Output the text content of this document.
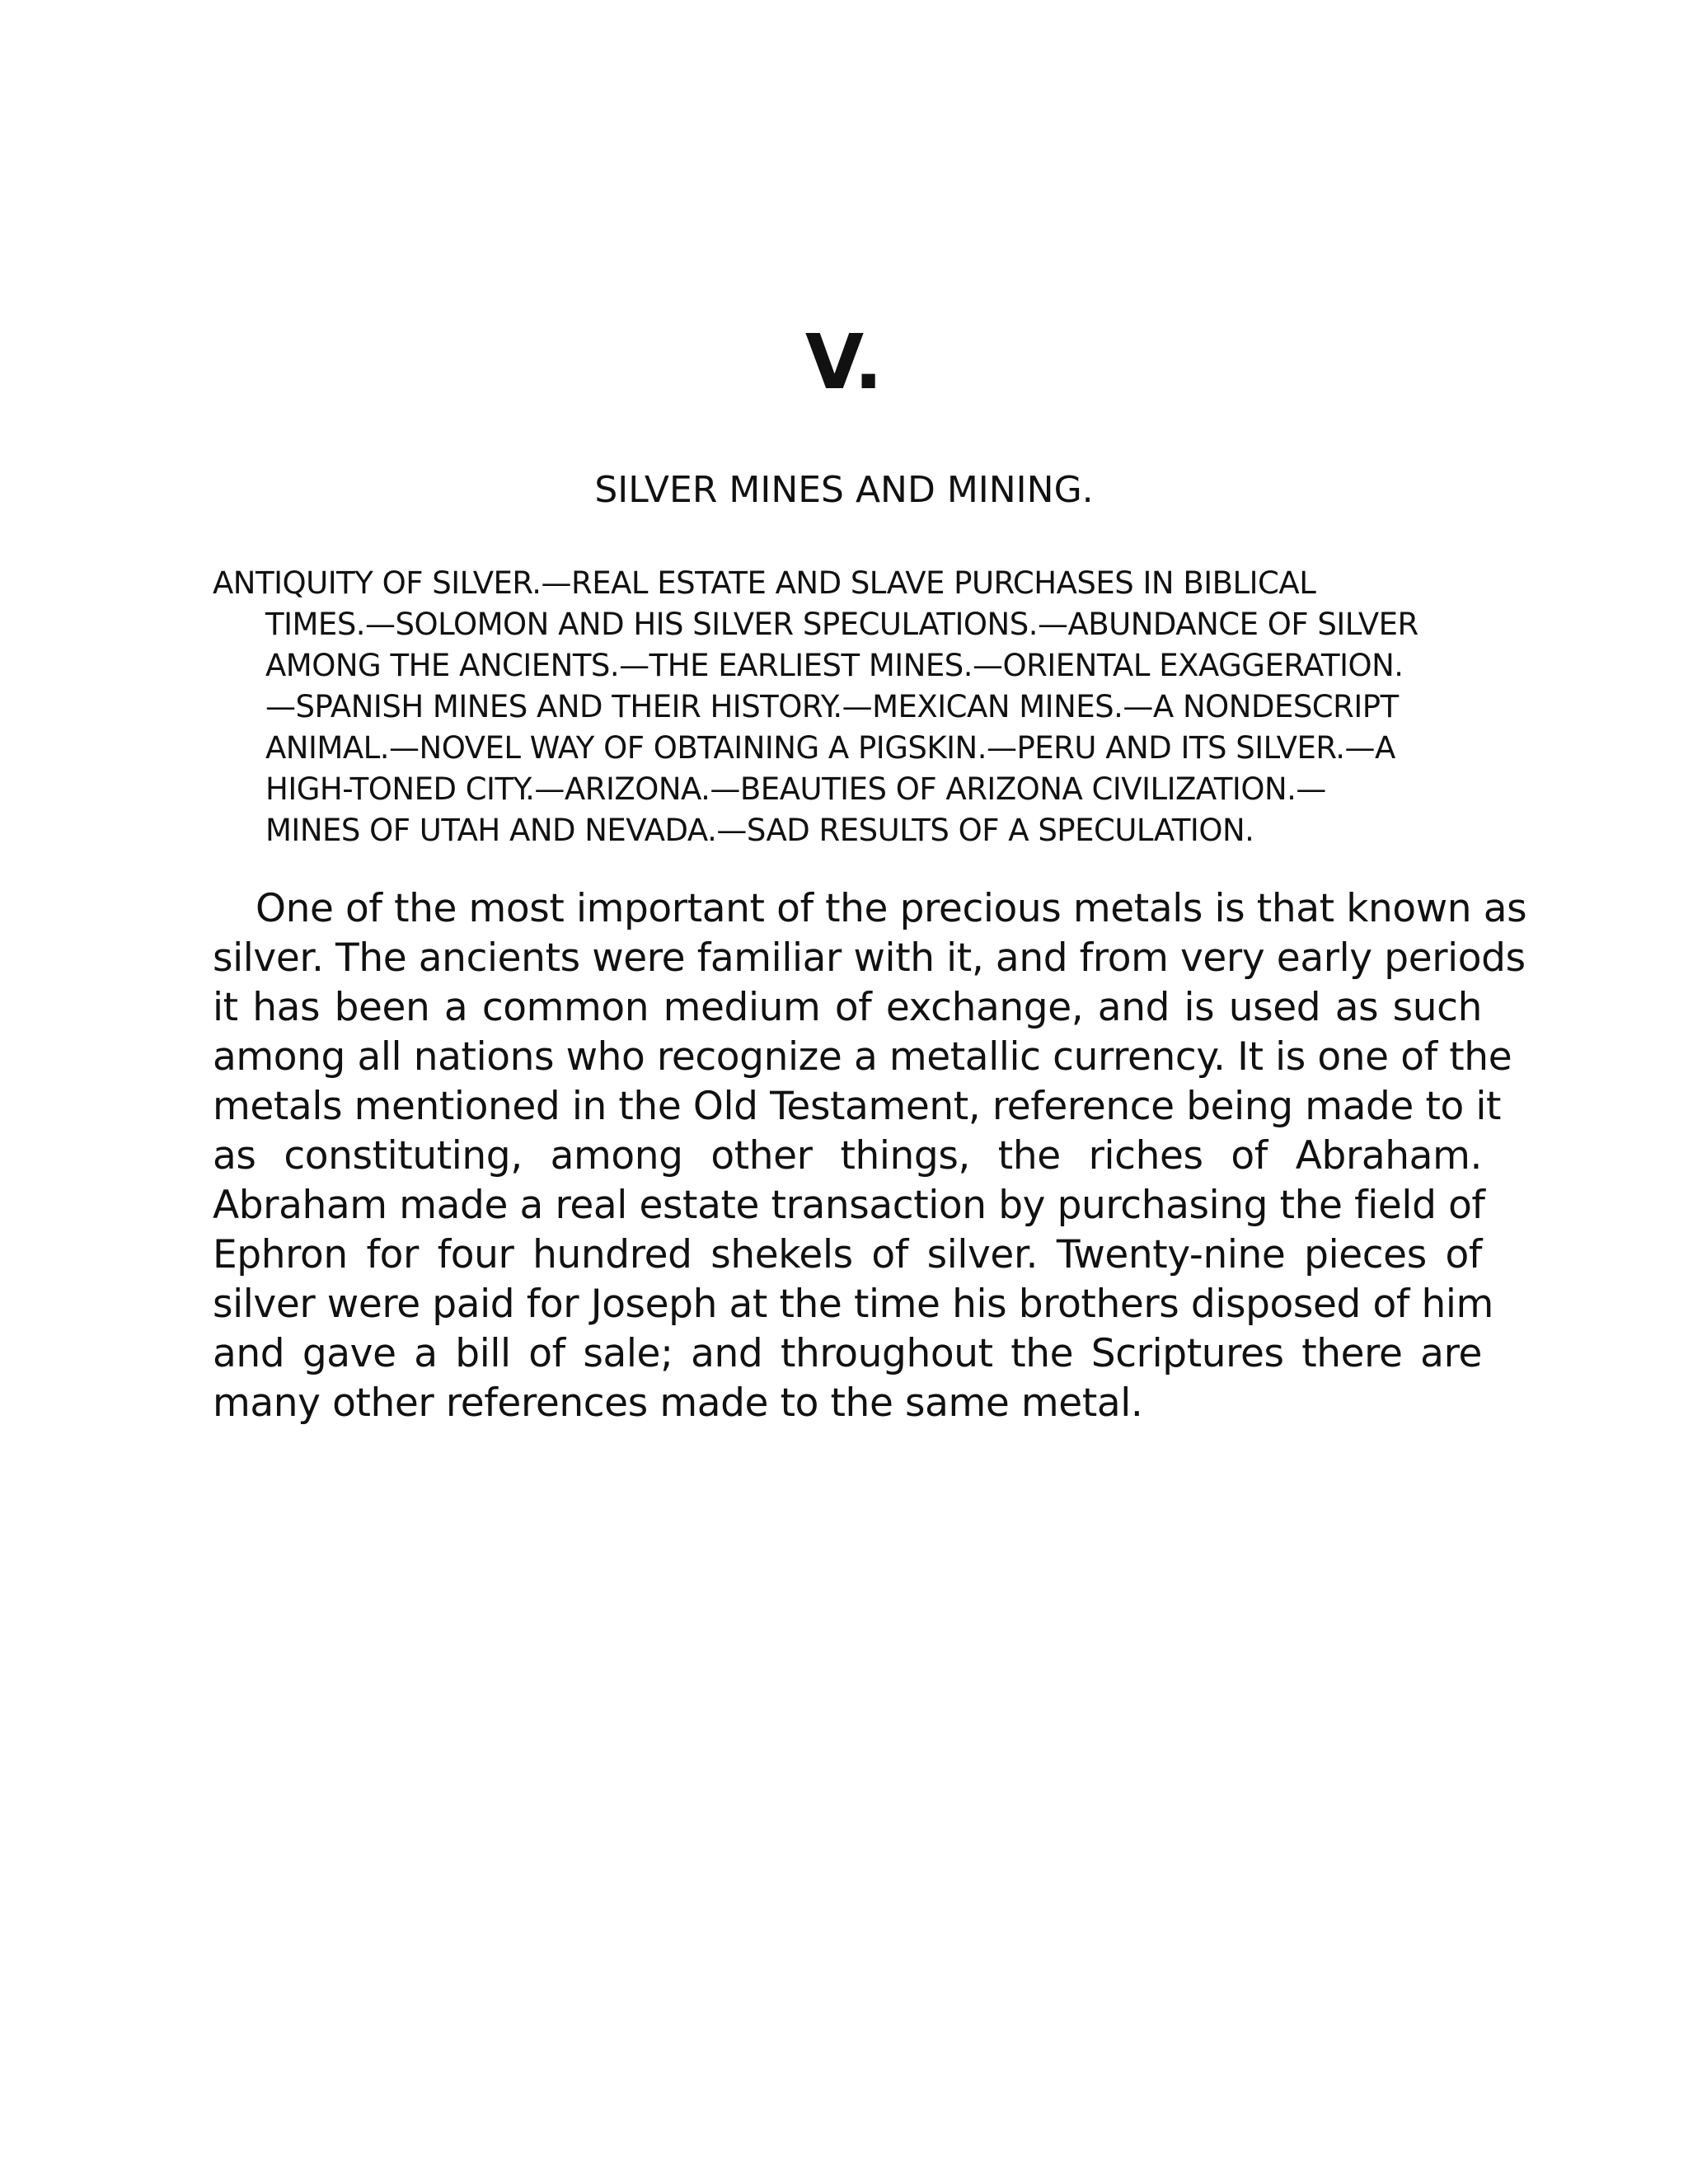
V.
SILVER MINES AND MINING.
ANTIQUITY OF SILVER.—REAL ESTATE AND SLAVE PURCHASES IN BIBLICAL
TIMES.—SOLOMON AND HIS SILVER SPECULATIONS.—ABUNDANCE OF SILVER
AMONG THE ANCIENTS.—THE EARLIEST MINES.—ORIENTAL EXAGGERATION.
—SPANISH MINES AND THEIR HISTORY.—MEXICAN MINES.—A NONDESCRIPT
ANIMAL.—NOVEL WAY OF OBTAINING A PIGSKIN.—PERU AND ITS SILVER.—A
HIGH-TONED CITY.—ARIZONA.—BEAUTIES OF ARIZONA CIVILIZATION.—
MINES OF UTAH AND NEVADA.—SAD RESULTS OF A SPECULATION.
One of the most important of the precious metals is that known as
silver. The ancients were familiar with it, and from very early periods
it has been a common medium of exchange, and is used as such
among all nations who recognize a metallic currency. It is one of the
metals mentioned in the Old Testament, reference being made to it
as constituting, among other things, the riches of Abraham.
Abraham made a real estate transaction by purchasing the field of
Ephron for four hundred shekels of silver. Twenty-nine pieces of
silver were paid for Joseph at the time his brothers disposed of him
and gave a bill of sale; and throughout the Scriptures there are
many other references made to the same metal.
